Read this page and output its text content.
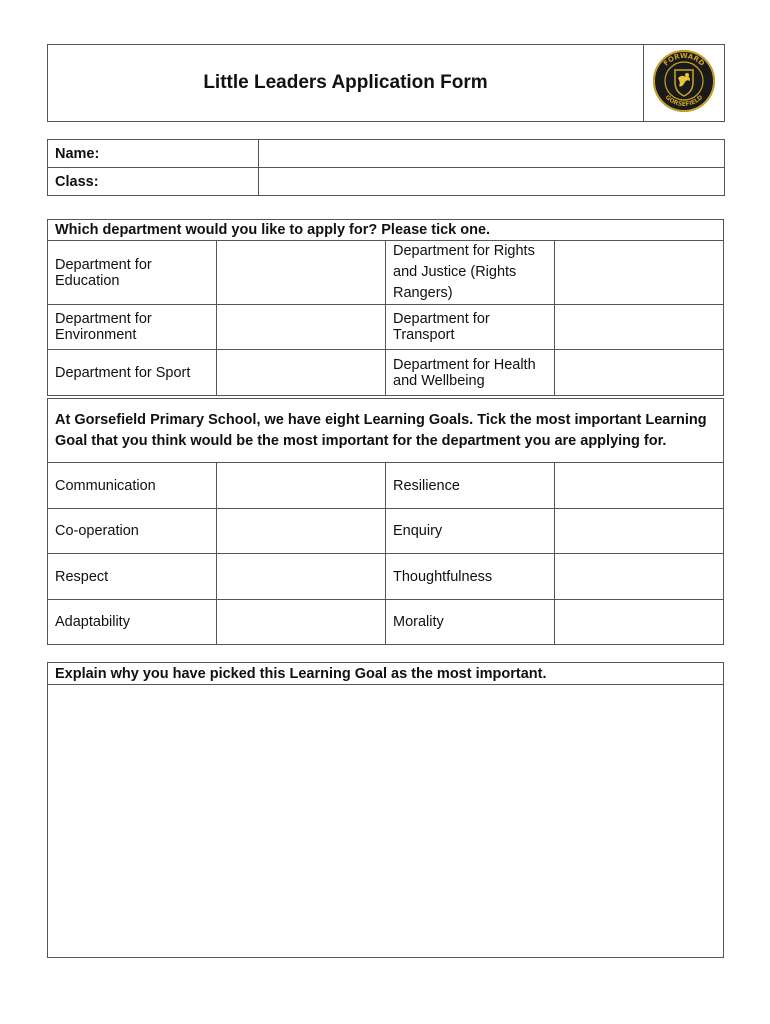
Little Leaders Application Form	
FORWARD
GORSEFIELD
Name:	
Class:	
Which department would you like to apply for? Please tick one.			
Department for Education		Department for Rights and Justice (Rights Rangers)	
Department for Environment		Department for Transport	
Department for Sport		Department for Health and Wellbeing	
At Gorsefield Primary School, we have eight Learning Goals. Tick the most important Learning Goal that you think would be the most important for the department you are applying for.			
Communication		Resilience	
Co-operation		Enquiry	
Respect		Thoughtfulness	
Adaptability		Morality	
Explain why you have picked this Learning Goal as the most important.
